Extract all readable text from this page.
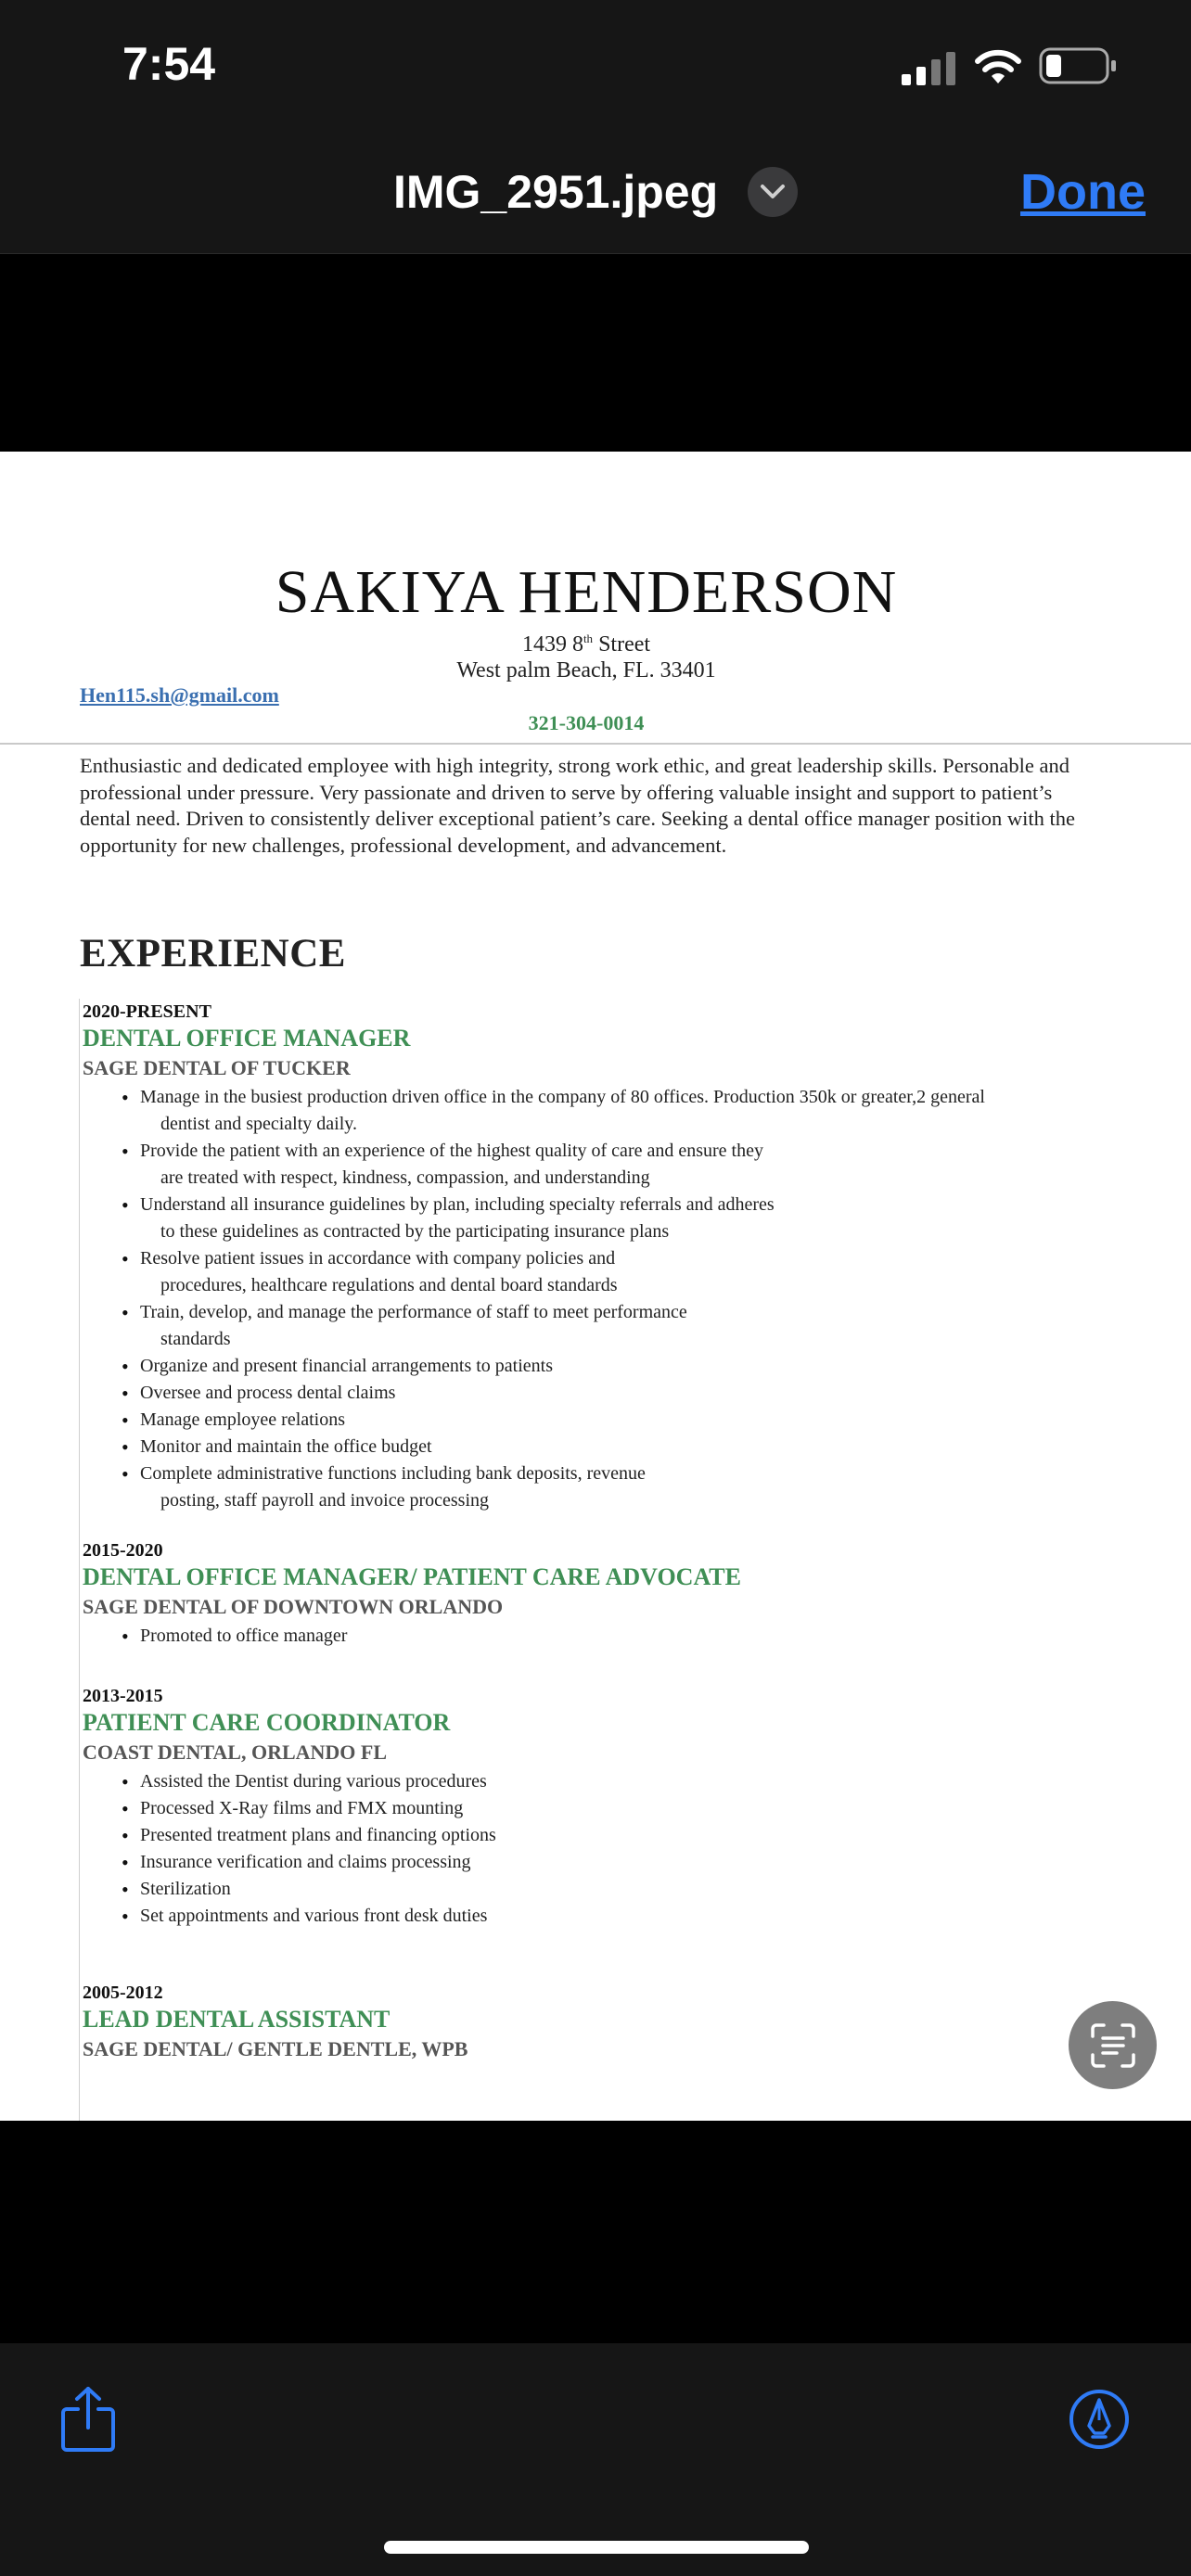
7:54
IMG_2951.jpeg	Done
SAKIYA HENDERSON
1439 8th Street
West palm Beach, FL. 33401
Hen115.sh@gmail.com
321-304-0014
Enthusiastic and dedicated employee with high integrity, strong work ethic, and great leadership skills. Personable and professional under pressure. Very passionate and driven to serve by offering valuable insight and support to patient’s dental need. Driven to consistently deliver exceptional patient’s care. Seeking a dental office manager position with the opportunity for new challenges, professional development, and advancement.
EXPERIENCE
2020-PRESENT
DENTAL OFFICE MANAGER
SAGE DENTAL OF TUCKER
• Manage in the busiest production driven office in the company of 80 offices. Production 350k or greater,2 general
dentist and specialty daily.
• Provide the patient with an experience of the highest quality of care and ensure they
are treated with respect, kindness, compassion, and understanding
• Understand all insurance guidelines by plan, including specialty referrals and adheres
to these guidelines as contracted by the participating insurance plans
• Resolve patient issues in accordance with company policies and
procedures, healthcare regulations and dental board standards
• Train, develop, and manage the performance of staff to meet performance
standards
• Organize and present financial arrangements to patients
• Oversee and process dental claims
• Manage employee relations
• Monitor and maintain the office budget
• Complete administrative functions including bank deposits, revenue
posting, staff payroll and invoice processing
2015-2020
DENTAL OFFICE MANAGER/ PATIENT CARE ADVOCATE
SAGE DENTAL OF DOWNTOWN ORLANDO
• Promoted to office manager
2013-2015
PATIENT CARE COORDINATOR
COAST DENTAL, ORLANDO FL
• Assisted the Dentist during various procedures
• Processed X-Ray films and FMX mounting
• Presented treatment plans and financing options
• Insurance verification and claims processing
• Sterilization
• Set appointments and various front desk duties
2005-2012
LEAD DENTAL ASSISTANT
SAGE DENTAL/ GENTLE DENTLE, WPB
